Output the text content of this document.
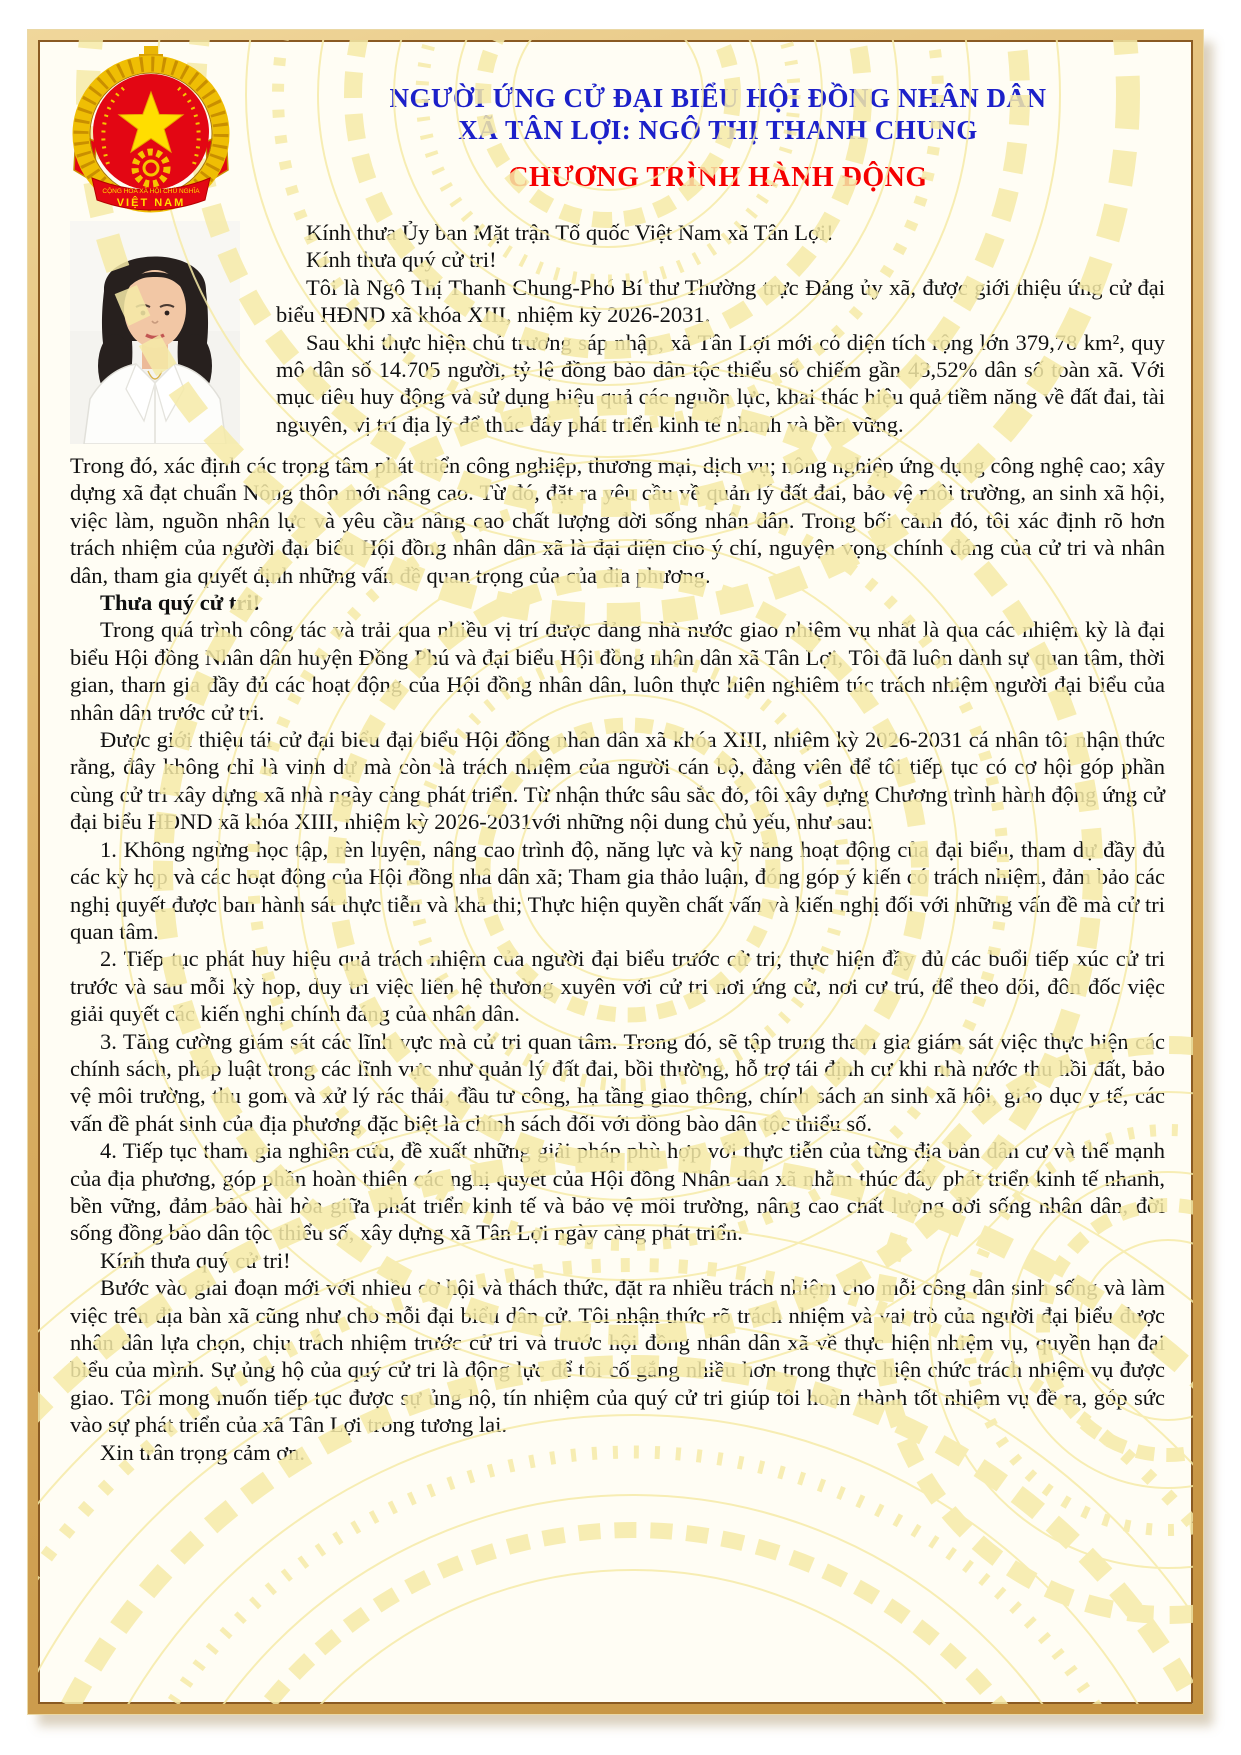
CỘNG HÒA XÃ HỘI CHỦ NGHĨA
VIỆT NAM
NGƯỜI ỨNG CỬ ĐẠI BIỂU HỘI ĐỒNG NHÂN DÂN
XÃ TÂN LỢI: NGÔ THỊ THANH CHUNG
CHƯƠNG TRÌNH HÀNH ĐỘNG

Kính thưa Ủy ban Mặt trận Tổ quốc Việt Nam xã Tân Lợi!

Kính thưa quý cử tri!

Tôi là Ngô Thị Thanh Chung-Phó Bí thư Thường trực Đảng ủy xã, được giới thiệu ứng cử đại biểu HĐND xã khóa XIII, nhiệm kỳ 2026-2031.

Sau khi thực hiện chủ trương sáp nhập, xã Tân Lợi mới có diện tích rộng lớn 379,78 km², quy mô dân số 14.705 người, tỷ lệ đồng bào dân tộc thiểu số chiếm gần 43,52% dân số toàn xã. Với mục tiêu huy động và sử dụng hiệu quả các nguồn lực, khai thác hiệu quả tiềm năng về đất đai, tài nguyên, vị trí địa lý để thúc đẩy phát triển kinh tế nhanh và bền vững.

Trong đó, xác định các trọng tâm phát triển công nghiệp, thương mại, dịch vụ; nông nghiệp ứng dụng công nghệ cao; xây dựng xã đạt chuẩn Nông thôn mới nâng cao. Từ đó, đặt ra yêu cầu về quản lý đất đai, bảo vệ môi trường, an sinh xã hội, việc làm, nguồn nhân lực và yêu cầu nâng cao chất lượng đời sống nhân dân. Trong bối cảnh đó, tôi xác định rõ hơn trách nhiệm của người đại biểu Hội đồng nhân dân xã là đại diện cho ý chí, nguyện vọng chính đáng của cử tri và nhân dân, tham gia quyết định những vấn đề quan trọng của của địa phương.

Thưa quý cử tri!

Trong quá trình công tác và trải qua nhiều vị trí được đảng nhà nước giao nhiệm vụ nhất là qua các nhiệm kỳ là đại biểu Hội đồng Nhân dân huyện Đồng Phú và đại biểu Hội đồng nhân dân xã Tân Lợi, Tôi đã luôn dành sự quan tâm, thời gian, tham gia đầy đủ các hoạt động của Hội đồng nhân dân, luôn thực hiện nghiêm túc trách nhiệm người đại biểu của nhân dân trước cử tri.

Được giới thiệu tái cử đại biểu đại biểu Hội đồng nhân dân xã khóa XIII, nhiệm kỳ 2026-2031 cá nhân tôi nhận thức rằng, đây không chỉ là vinh dự mà còn là trách nhiệm của người cán bộ, đảng viên để tôi tiếp tục có cơ hội góp phần cùng cử tri xây dựng xã nhà ngày càng phát triển. Từ nhận thức sâu sắc đó, tôi xây dựng Chương trình hành động ứng cử đại biểu HĐND xã khóa XIII, nhiệm kỳ 2026-2031với những nội dung chủ yếu, như sau:

1. Không ngừng học tập, rèn luyện, nâng cao trình độ, năng lực và kỹ năng hoạt động của đại biểu, tham dự đầy đủ các kỳ họp và các hoạt động của Hội đồng nhâ dân xã; Tham gia thảo luận, đóng góp ý kiến có trách nhiệm, đảm bảo các nghị quyết được ban hành sát thực tiễn và khả thi; Thực hiện quyền chất vấn và kiến nghị đối với những vấn đề mà cử tri quan tâm.

2. Tiếp tục phát huy hiệu quả trách nhiệm của người đại biểu trước cử tri; thực hiện đầy đủ các buổi tiếp xúc cử tri trước và sau mỗi kỳ họp, duy trì việc liên hệ thường xuyên với cử tri nơi ứng cử, nơi cư trú, để theo dõi, đôn đốc việc giải quyết các kiến nghị chính đáng của nhân dân.

3. Tăng cường giám sát các lĩnh vực mà cử tri quan tâm. Trong đó, sẽ tập trung tham gia giám sát việc thực hiện các chính sách, pháp luật trong các lĩnh vực như quản lý đất đai, bồi thường, hỗ trợ tái định cư khi nhà nước thu hồi đất, bảo vệ môi trường, thu gom và xử lý rác thải, đầu tư công, hạ tầng giao thông, chính sách an sinh xã hội, giáo dục y tế, các vấn đề phát sinh của địa phương đặc biệt là chính sách đối với đồng bào dân tộc thiểu số.

4. Tiếp tục tham gia nghiên cứu, đề xuất những giải pháp phù hợp với thực tiễn của từng địa bàn dân cư và thế mạnh của địa phương, góp phần hoàn thiện các nghị quyết của Hội đồng Nhân dân xã nhằm thúc đẩy phát triển kinh tế nhanh, bền vững, đảm bảo hài hòa giữa phát triển kinh tế và bảo vệ môi trường, nâng cao chất lượng đời sống nhân dân, đời sống đồng bào dân tộc thiểu số, xây dựng xã Tân Lợi ngày càng phát triển.

Kính thưa quý cử tri!

Bước vào giai đoạn mới với nhiều cơ hội và thách thức, đặt ra nhiều trách nhiệm cho mỗi công dân sinh sống và làm việc trên địa bàn xã cũng như cho mỗi đại biểu dân cử. Tôi nhận thức rõ trách nhiệm và vai trò của người đại biểu được nhân dân lựa chọn, chịu trách nhiệm trước cử tri và trước hội đồng nhân dân xã về thực hiện nhiệm vụ, quyền hạn đại biểu của mình. Sự ủng hộ của quý cử tri là động lực để tôi cố gắng nhiều hơn trong thực hiện chức trách nhiệm vụ được giao. Tôi mong muốn tiếp tục được sự ủng hộ, tín nhiệm của quý cử tri giúp tôi hoàn thành tốt nhiệm vụ đề ra, góp sức vào sự phát triển của xã Tân Lợi trong tương lai.

Xin trân trọng cảm ơn.
